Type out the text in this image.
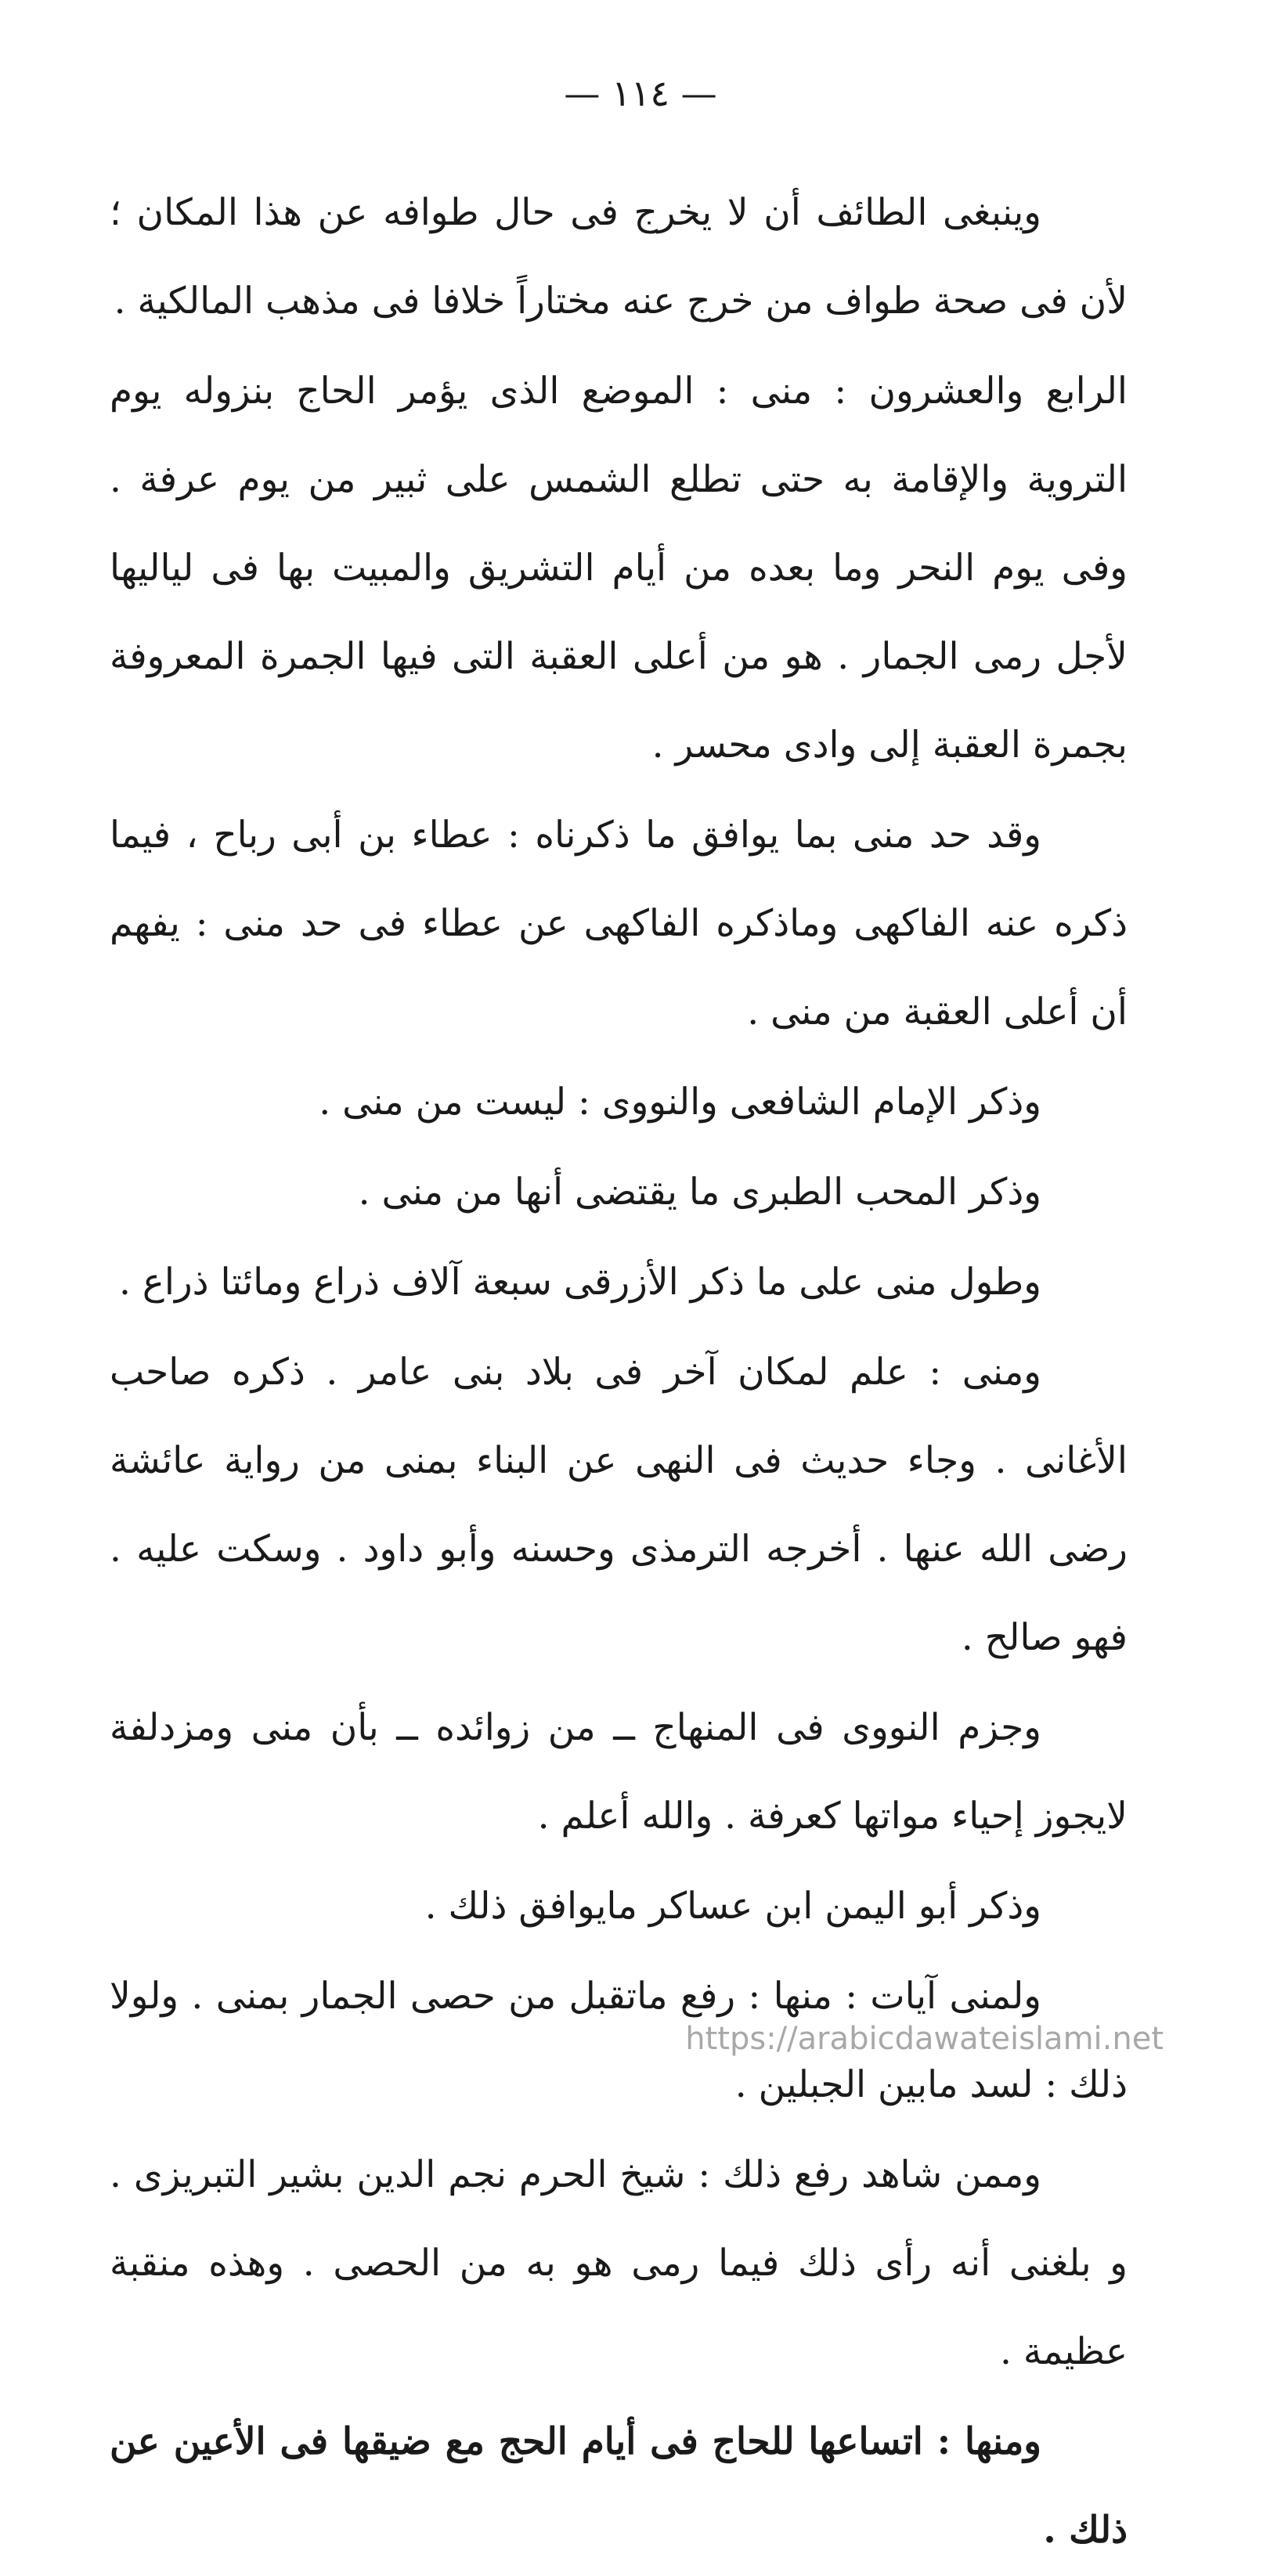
— ١١٤ —

وينبغى الطائف أن لا يخرج فى حال طوافه عن هذا المكان ؛ لأن فى صحة طواف من خرج عنه مختاراً خلافا فى مذهب المالكية .

الرابع والعشرون : منى : الموضع الذى يؤمر الحاج بنزوله يوم التروية والإقامة به حتى تطلع الشمس على ثبير من يوم عرفة . وفى يوم النحر وما بعده من أيام التشريق والمبيت بها فى لياليها لأجل رمى الجمار . هو من أعلى العقبة التى فيها الجمرة المعروفة بجمرة العقبة إلى وادى محسر .

وقد حد منى بما يوافق ما ذكرناه : عطاء بن أبى رباح ، فيما ذكره عنه الفاكهى وماذكره الفاكهى عن عطاء فى حد منى : يفهم أن أعلى العقبة من منى .

وذكر الإمام الشافعى والنووى : ليست من منى .

وذكر المحب الطبرى ما يقتضى أنها من منى .

وطول منى على ما ذكر الأزرقى سبعة آلاف ذراع ومائتا ذراع .

ومنى : علم لمكان آخر فى بلاد بنى عامر . ذكره صاحب الأغانى . وجاء حديث فى النهى عن البناء بمنى من رواية عائشة رضى الله عنها . أخرجه الترمذى وحسنه وأبو داود . وسكت عليه . فهو صالح .

وجزم النووى فى المنهاج ــ من زوائده ــ بأن منى ومزدلفة لايجوز إحياء مواتها كعرفة . والله أعلم .

وذكر أبو اليمن ابن عساكر مايوافق ذلك .

ولمنى آيات : منها : رفع ماتقبل من حصى الجمار بمنى . ولولا ذلك : لسد مابين الجبلين .

وممن شاهد رفع ذلك : شيخ الحرم نجم الدين بشير التبريزى . و بلغنى أنه رأى ذلك فيما رمى هو به من الحصى . وهذه منقبة عظيمة .

ومنها : اتساعها للحاج فى أيام الحج مع ضيقها فى الأعين عن ذلك .

https://arabicdawateislami.net
